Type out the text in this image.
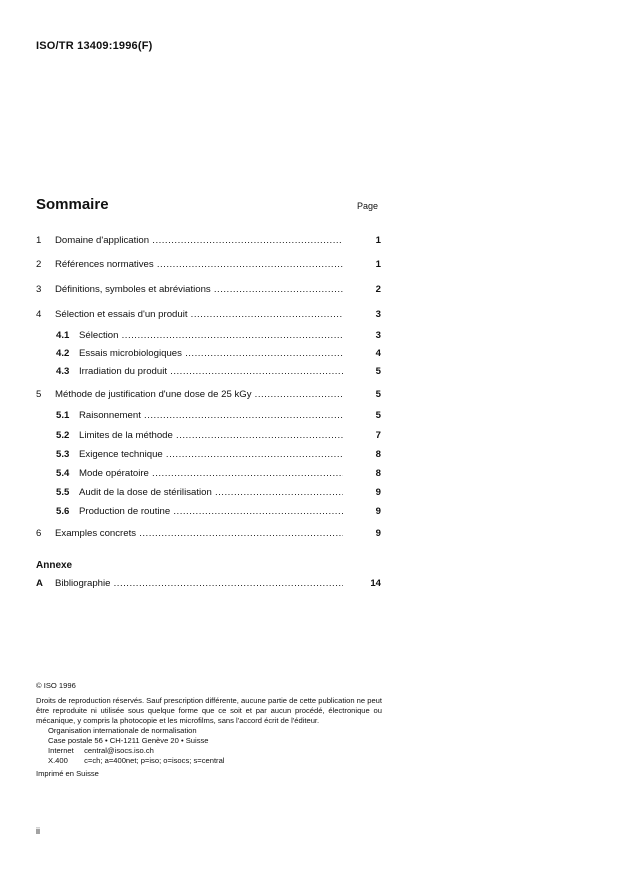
ISO/TR 13409:1996(F)
Sommaire	Page
1 Domaine d'application .....	1
2 Références normatives .....	1
3 Définitions, symboles et abréviations .....	2
4 Sélection et essais d'un produit .....	3
4.1 Sélection .....	3
4.2 Essais microbiologiques .....	4
4.3 Irradiation du produit .....	5
5 Méthode de justification d'une dose de 25 kGy .....	5
5.1 Raisonnement .....	5
5.2 Limites de la méthode .....	7
5.3 Exigence technique .....	8
5.4 Mode opératoire .....	8
5.5 Audit de la dose de stérilisation .....	9
5.6 Production de routine .....	9
6 Examples concrets .....	9
Annexe
A Bibliographie .....	14

© ISO 1996

Droits de reproduction réservés. Sauf prescription différente, aucune partie de cette publication ne peut être reproduite ni utilisée sous quelque forme que ce soit et par aucun procédé, électronique ou mécanique, y compris la photocopie et les microfilms, sans l'accord écrit de l'éditeur.

Organisation internationale de normalisation
Case postale 56 • CH-1211 Genève 20 • Suisse
Internet central@isocs.iso.ch
X.400 c=ch; a=400net; p=iso; o=isocs; s=central

Imprimé en Suisse

ii
